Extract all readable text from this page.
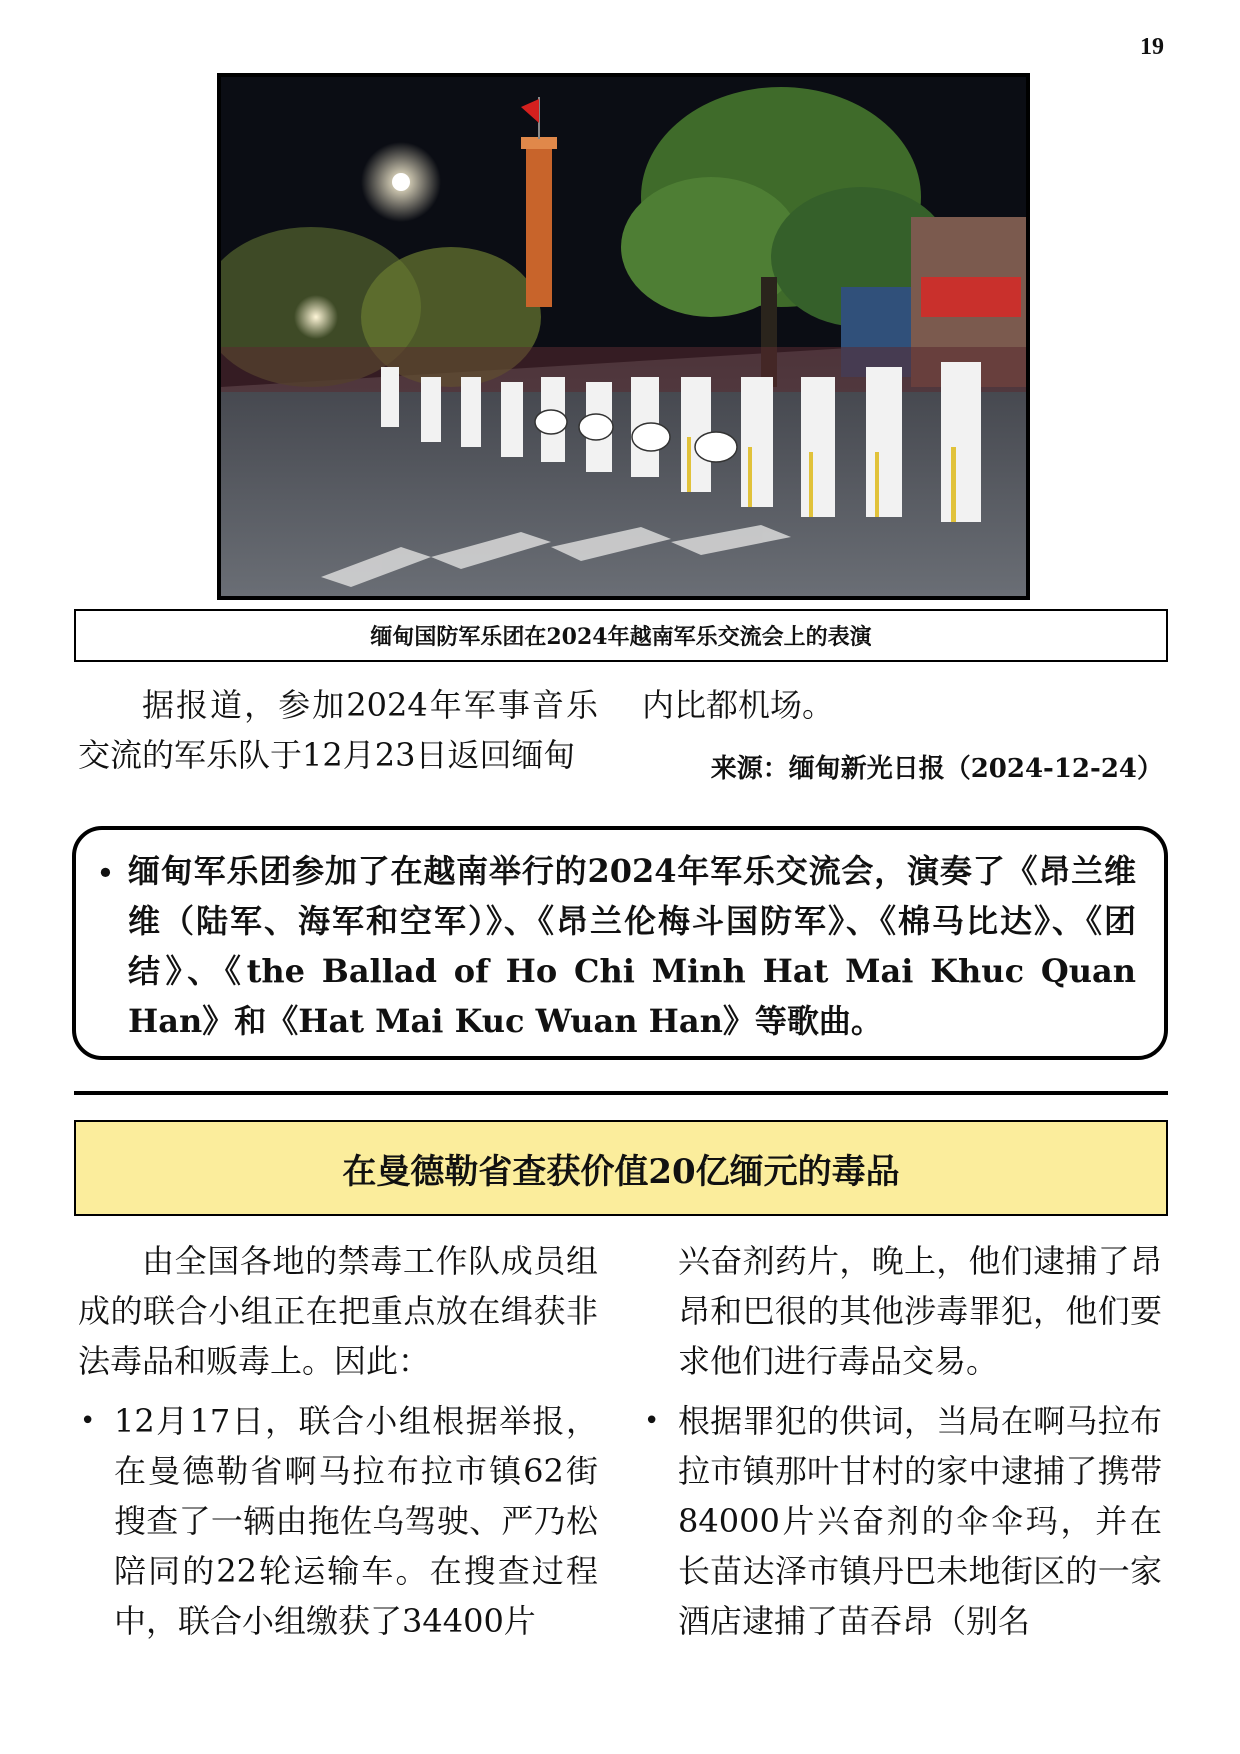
19
缅甸国防军乐团在2024年越南军乐交流会上的表演

据报道，参加2024年军事音乐交流的军乐队于12月23日返回缅甸

内比都机场。

来源：缅甸新光日报（2024-12-24）
• 缅甸军乐团参加了在越南举行的2024年军乐交流会，演奏了《昂兰维维（陆军、海军和空军）》、《昂兰伦梅斗国防军》、《棉马比达》、《团结》、《the Ballad of Ho Chi Minh Hat Mai Khuc Quan Han》和《Hat Mai Kuc Wuan Han》等歌曲。

在曼德勒省查获价值20亿缅元的毒品

由全国各地的禁毒工作队成员组成的联合小组正在把重点放在缉获非法毒品和贩毒上。因此：

• 12月17日，联合小组根据举报，在曼德勒省啊马拉布拉市镇62街搜查了一辆由拖佐乌驾驶、严乃松陪同的22轮运输车。在搜查过程中，联合小组缴获了34400片

兴奋剂药片，晚上，他们逮捕了昂昂和巴很的其他涉毒罪犯，他们要求他们进行毒品交易。

• 根据罪犯的供词，当局在啊马拉布拉市镇那叶甘村的家中逮捕了携带84000片兴奋剂的伞伞玛，并在长苗达泽市镇丹巴未地街区的一家酒店逮捕了苗吞昂（别名
